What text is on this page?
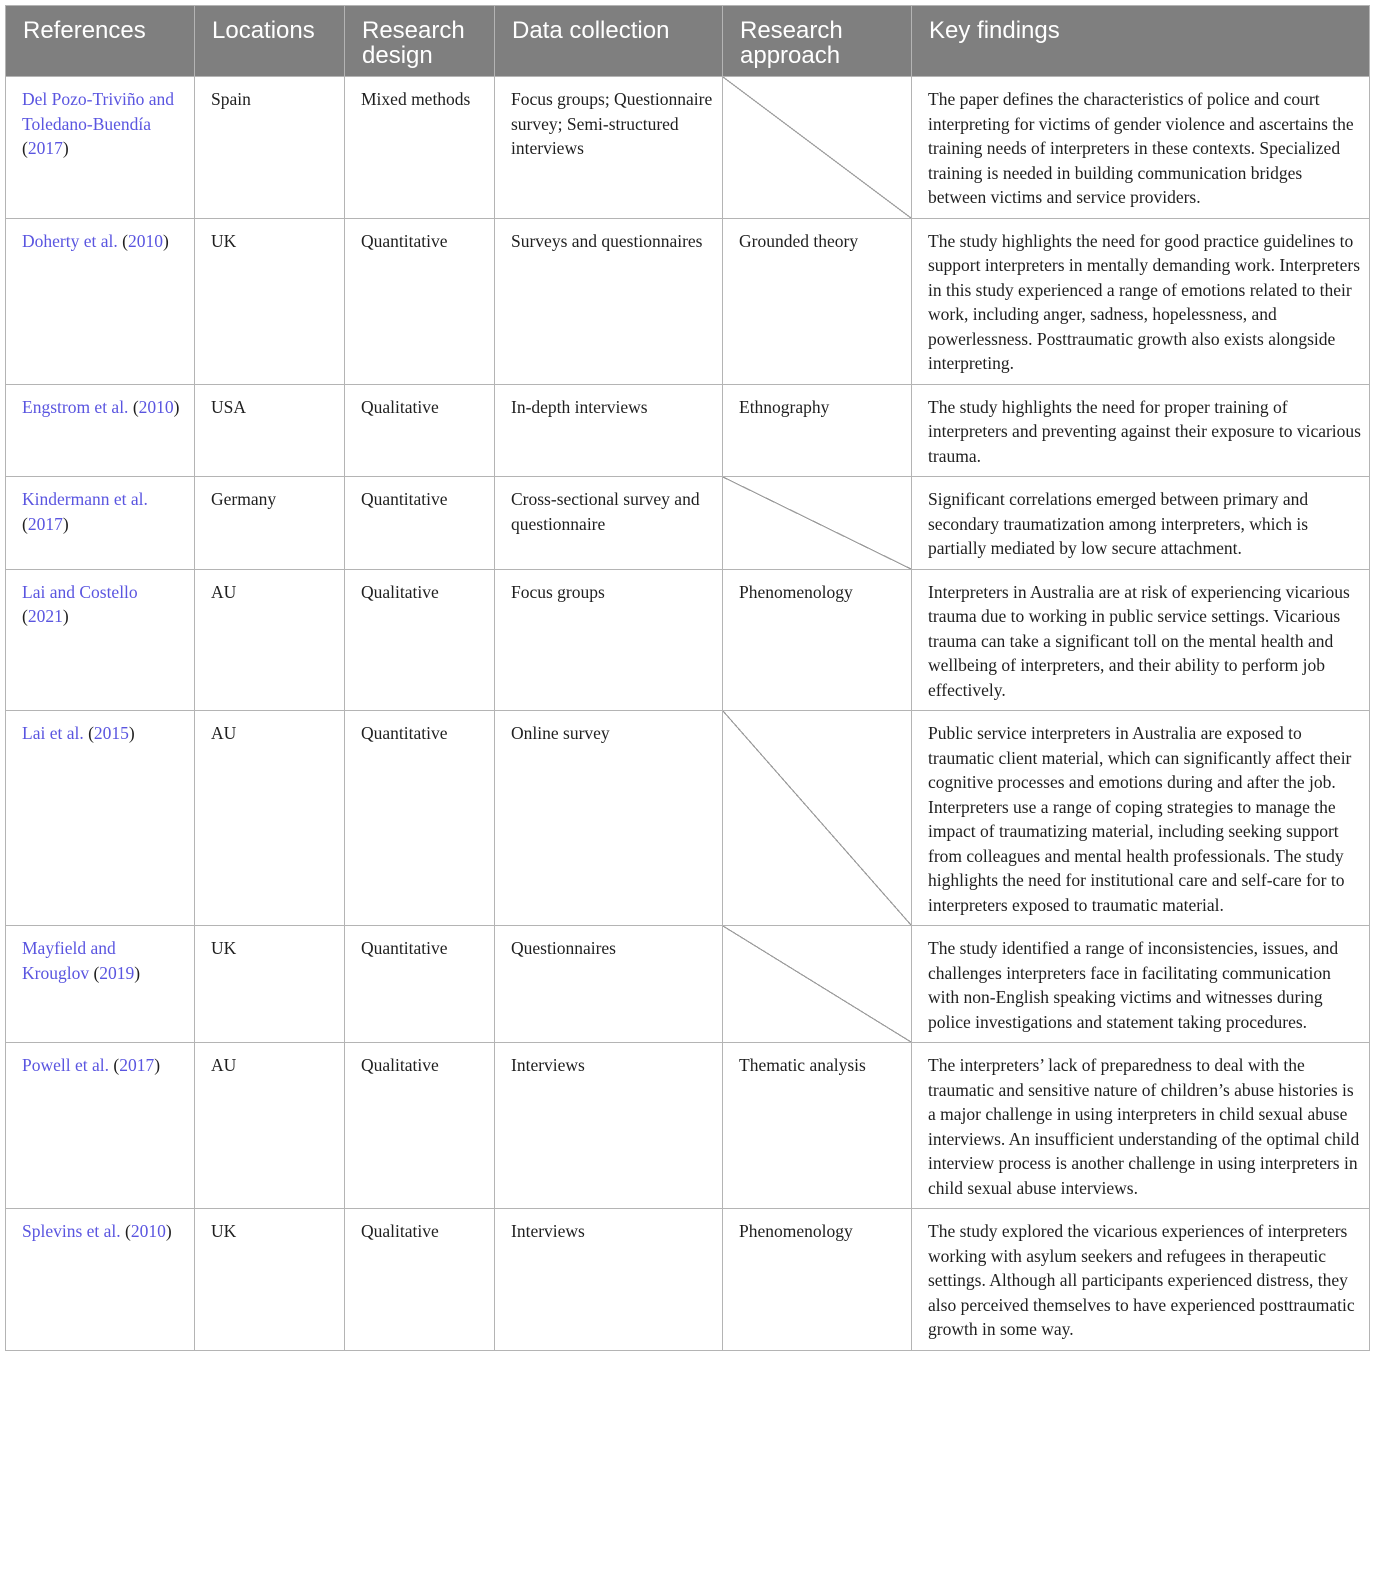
References	Locations	Research design	Data collection	Research approach	Key findings
Del Pozo-Triviño and Toledano-Buendía (2017)	Spain	Mixed methods	Focus groups; Questionnaire survey; Semi-structured interviews		The paper defines the characteristics of police and court interpreting for victims of gender violence and ascertains the training needs of interpreters in these contexts. Specialized training is needed in building communication bridges between victims and service providers.
Doherty et al. (2010)	UK	Quantitative	Surveys and questionnaires	Grounded theory	The study highlights the need for good practice guidelines to support interpreters in mentally demanding work. Interpreters in this study experienced a range of emotions related to their work, including anger, sadness, hopelessness, and powerlessness. Posttraumatic growth also exists alongside interpreting.
Engstrom et al. (2010)	USA	Qualitative	In-depth interviews	Ethnography	The study highlights the need for proper training of interpreters and preventing against their exposure to vicarious trauma.
Kindermann et al. (2017)	Germany	Quantitative	Cross-sectional survey and questionnaire		Significant correlations emerged between primary and secondary traumatization among interpreters, which is partially mediated by low secure attachment.
Lai and Costello (2021)	AU	Qualitative	Focus groups	Phenomenology	Interpreters in Australia are at risk of experiencing vicarious trauma due to working in public service settings. Vicarious trauma can take a significant toll on the mental health and wellbeing of interpreters, and their ability to perform job effectively.
Lai et al. (2015)	AU	Quantitative	Online survey		Public service interpreters in Australia are exposed to traumatic client material, which can significantly affect their cognitive processes and emotions during and after the job. Interpreters use a range of coping strategies to manage the impact of traumatizing material, including seeking support from colleagues and mental health professionals. The study highlights the need for institutional care and self-care for to interpreters exposed to traumatic material.
Mayfield and Krouglov (2019)	UK	Quantitative	Questionnaires		The study identified a range of inconsistencies, issues, and challenges interpreters face in facilitating communication with non-English speaking victims and witnesses during police investigations and statement taking procedures.
Powell et al. (2017)	AU	Qualitative	Interviews	Thematic analysis	The interpreters’ lack of preparedness to deal with the traumatic and sensitive nature of children’s abuse histories is a major challenge in using interpreters in child sexual abuse interviews. An insufficient understanding of the optimal child interview process is another challenge in using interpreters in child sexual abuse interviews.
Splevins et al. (2010)	UK	Qualitative	Interviews	Phenomenology	The study explored the vicarious experiences of interpreters working with asylum seekers and refugees in therapeutic settings. Although all participants experienced distress, they also perceived themselves to have experienced posttraumatic growth in some way.
